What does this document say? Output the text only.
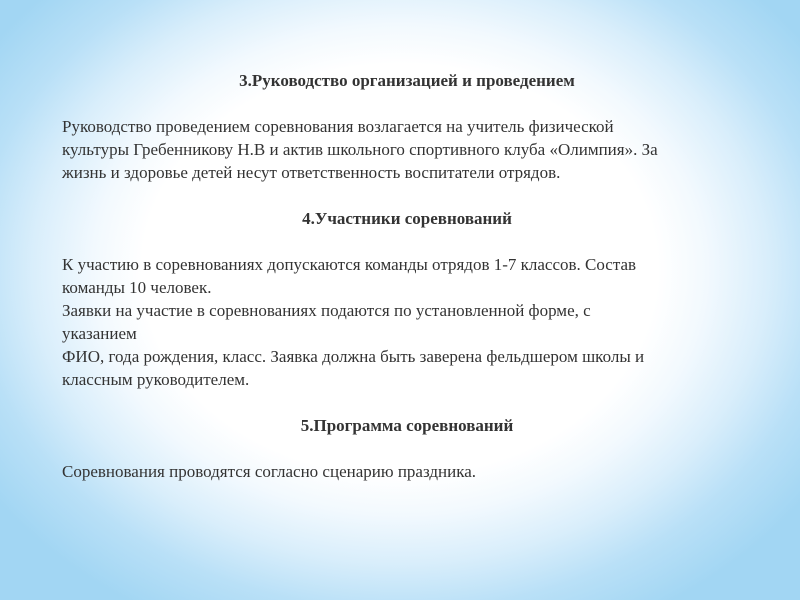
3.Руководство организацией и проведением
Руководство проведением соревнования возлагается на учитель физической
культуры Гребенникову Н.В и актив школьного спортивного клуба «Олимпия». За
жизнь и здоровье детей несут ответственность воспитатели отрядов.
4.Участники соревнований
К участию в соревнованиях допускаются команды отрядов 1-7 классов. Состав
команды 10 человек.
Заявки на участие в соревнованиях подаются по установленной форме, с
указанием
ФИО, года рождения, класс. Заявка должна быть заверена фельдшером школы и
классным руководителем.
5.Программа соревнований
Соревнования проводятся согласно сценарию праздника.
